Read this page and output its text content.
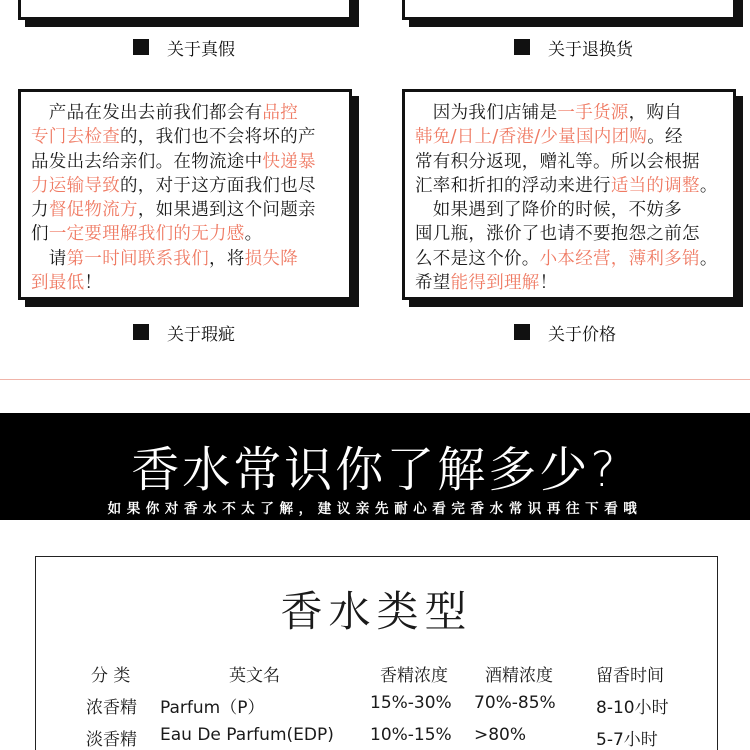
关于真假	关于退换货

　产品在发出去前我们都会有品控

专门去检查的，我们也不会将坏的产

品发出去给亲们。在物流途中快递暴

力运输导致的，对于这方面我们也尽

力督促物流方，如果遇到这个问题亲

们一定要理解我们的无力感。

　请第一时间联系我们，将损失降

到最低！

　因为我们店铺是一手货源，购自

韩免/日上/香港/少量国内团购。经

常有积分返现，赠礼等。所以会根据

汇率和折扣的浮动来进行适当的调整。

　如果遇到了降价的时候，不妨多

囤几瓶，涨价了也请不要抱怨之前怎

么不是这个价。小本经营，薄利多销。

希望能得到理解！

关于瑕疵	关于价格
香水常识你了解多少?
如果你对香水不太了解，建议亲先耐心看完香水常识再往下看哦
香水类型
分 类	英文名	香精浓度 酒精浓度	留香时间
浓香精 Parfum（P）	15%-30% 70%-85% 8-10小时
淡香精 Eau De Parfum(EDP) 10%-15% >80%	5-7小时
